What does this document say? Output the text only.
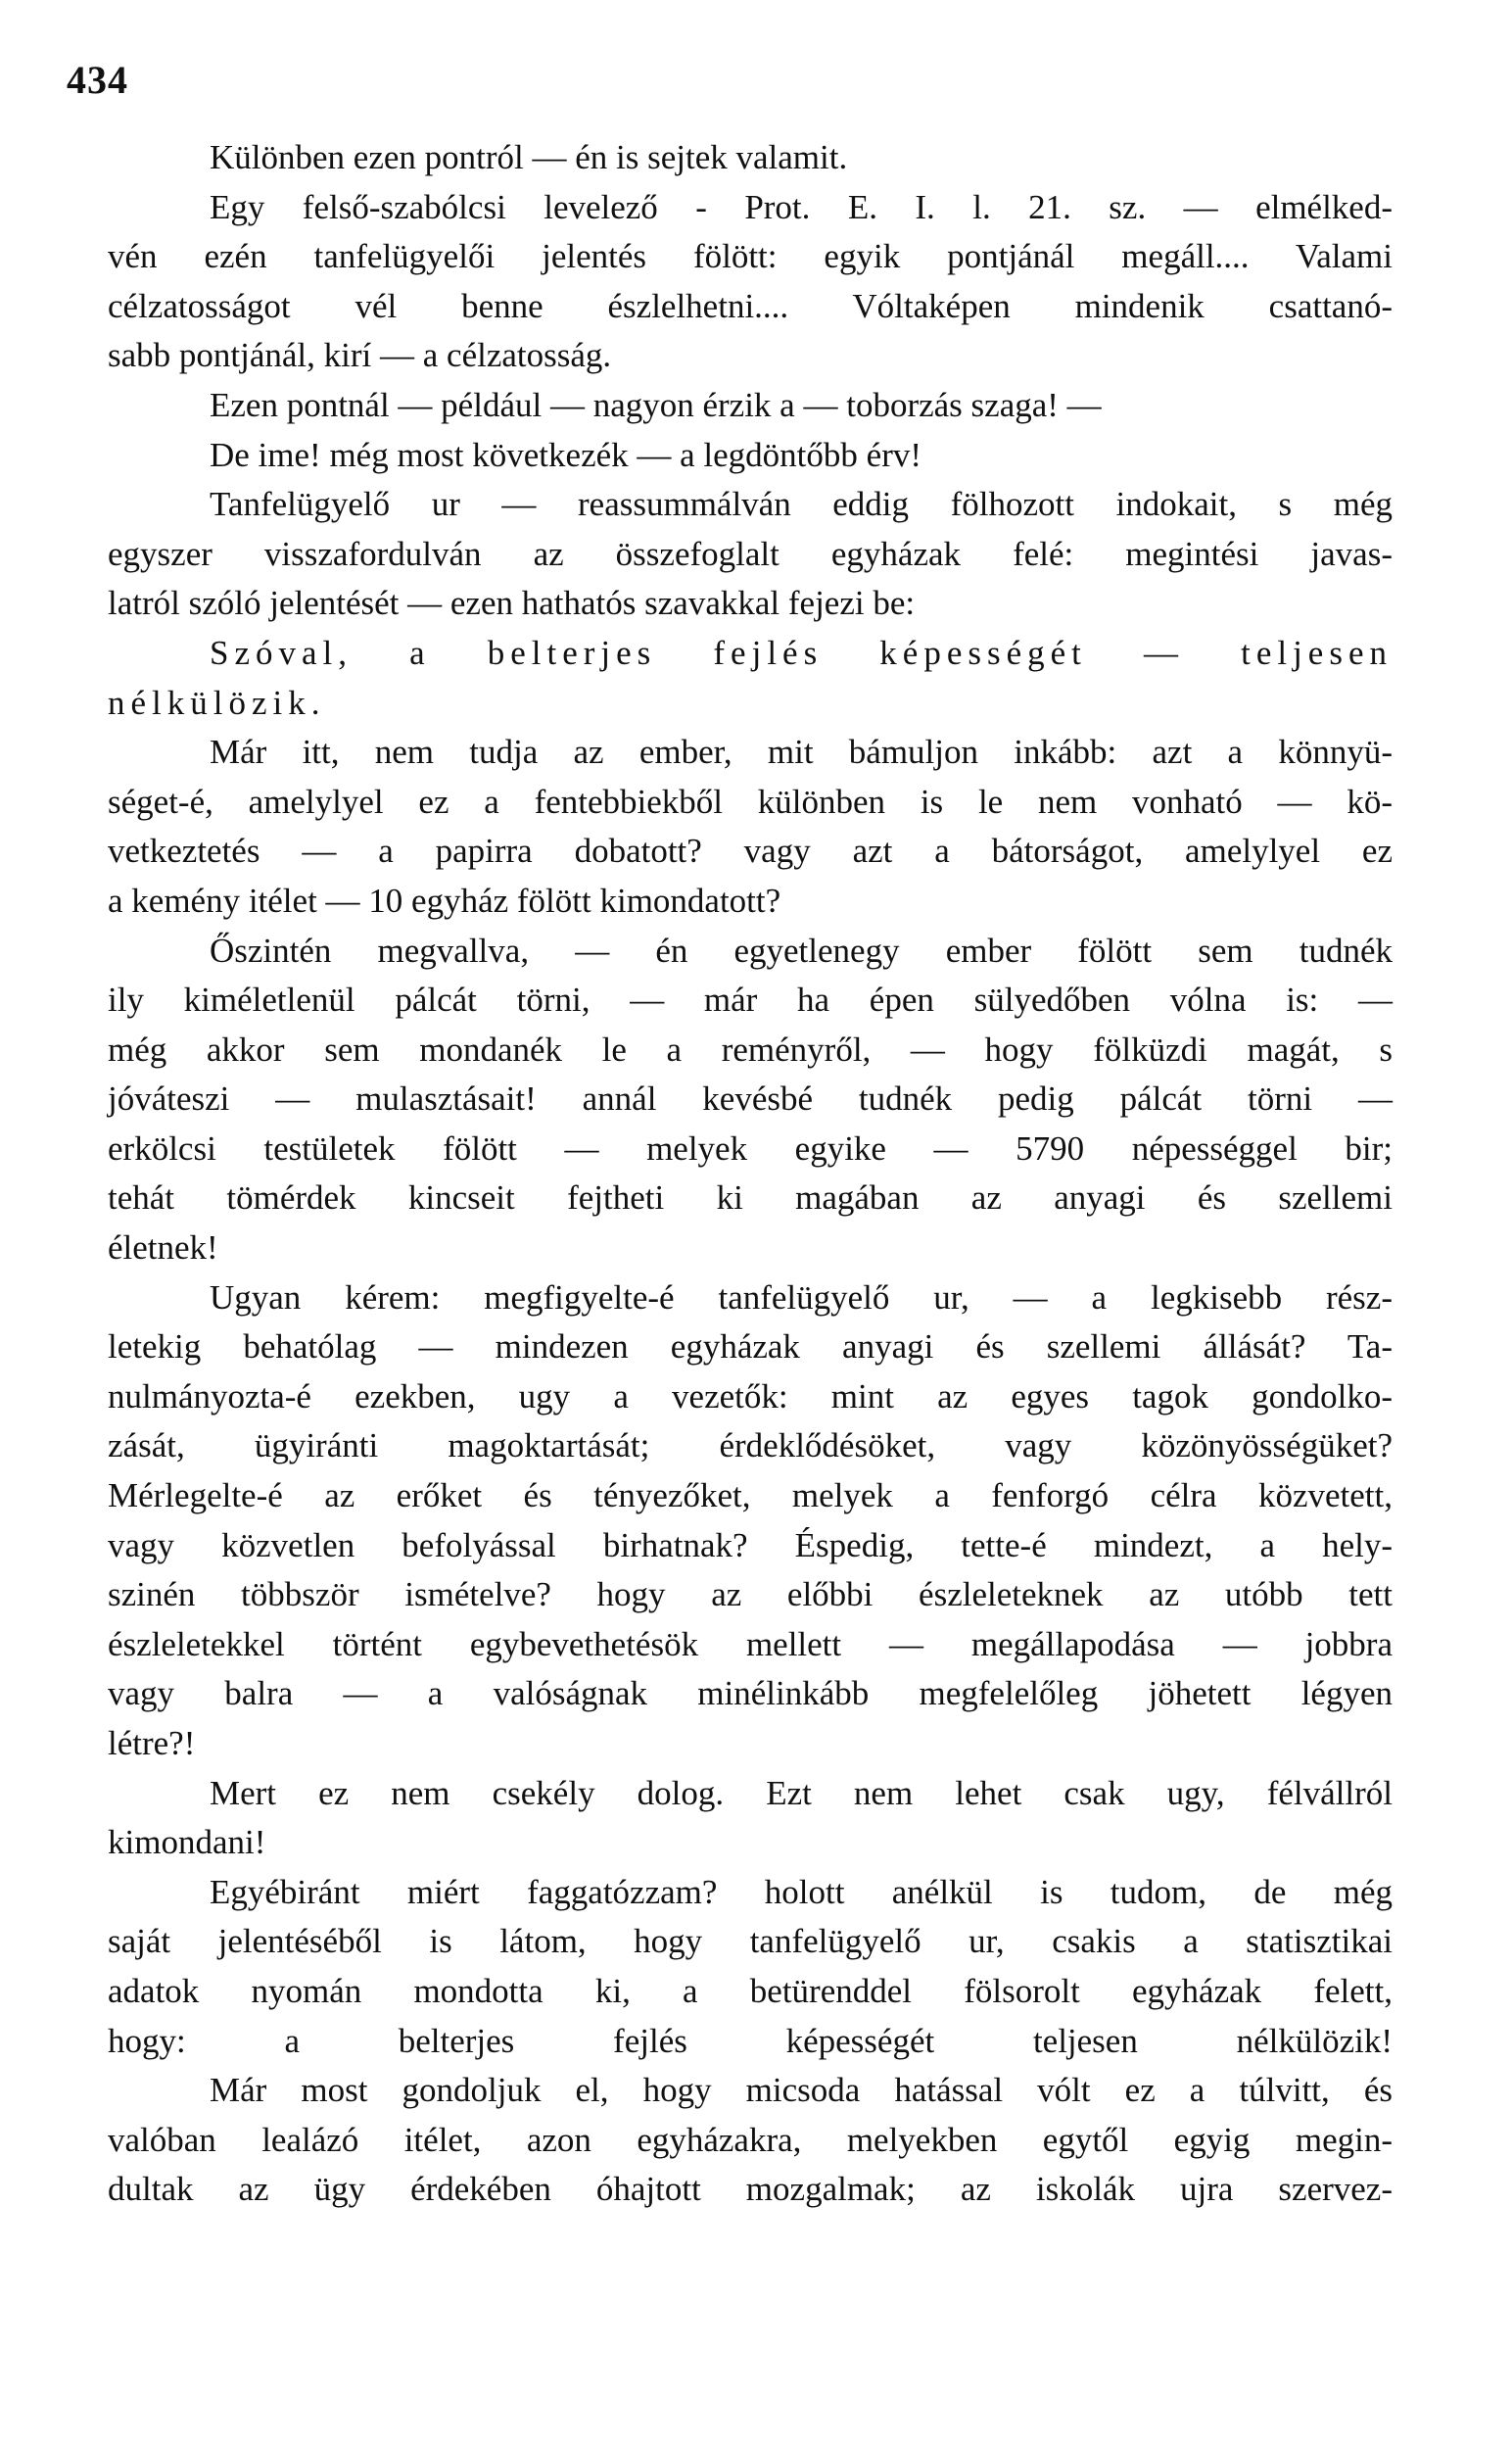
434
Különben ezen pontról — én is sejtek valamit.
Egy felső-szabólcsi levelező - Prot. E. I. l. 21. sz. — elmélked-
vén ezén tanfelügyelői jelentés fölött: egyik pontjánál megáll.... Valami
célzatosságot vél benne észlelhetni.... Vóltaképen mindenik csattanó-
sabb pontjánál, kirí — a célzatosság.
Ezen pontnál — például — nagyon érzik a — toborzás szaga! —
De ime! még most következék — a legdöntőbb érv!
Tanfelügyelő ur — reassummálván eddig fölhozott indokait, s még
egyszer visszafordulván az összefoglalt egyházak felé: megintési javas-
latról szóló jelentését — ezen hathatós szavakkal fejezi be:
Szóval, a belterjes fejlés képességét — teljesen
nélkülözik.
Már itt, nem tudja az ember, mit bámuljon inkább: azt a könnyü-
séget-é, amelylyel ez a fentebbiekből különben is le nem vonható — kö-
vetkeztetés — a papirra dobatott? vagy azt a bátorságot, amelylyel ez
a kemény itélet — 10 egyház fölött kimondatott?
Őszintén megvallva, — én egyetlenegy ember fölött sem tudnék
ily kiméletlenül pálcát törni, — már ha épen sülyedőben vólna is: —
még akkor sem mondanék le a reményről, — hogy fölküzdi magát, s
jóváteszi — mulasztásait! annál kevésbé tudnék pedig pálcát törni —
erkölcsi testületek fölött — melyek egyike — 5790 népességgel bir;
tehát tömérdek kincseit fejtheti ki magában az anyagi és szellemi
életnek!
Ugyan kérem: megfigyelte-é tanfelügyelő ur, — a legkisebb rész-
letekig behatólag — mindezen egyházak anyagi és szellemi állását? Ta-
nulmányozta-é ezekben, ugy a vezetők: mint az egyes tagok gondolko-
zását, ügyiránti magoktartását; érdeklődésöket, vagy közönyösségüket?
Mérlegelte-é az erőket és tényezőket, melyek a fenforgó célra közvetett,
vagy közvetlen befolyással birhatnak? Éspedig, tette-é mindezt, a hely-
szinén többször ismételve? hogy az előbbi észleleteknek az utóbb tett
észleletekkel történt egybevethetésök mellett — megállapodása — jobbra
vagy balra — a valóságnak minélinkább megfelelőleg jöhetett légyen
létre?!
Mert ez nem csekély dolog. Ezt nem lehet csak ugy, félvállról
kimondani!
Egyébiránt miért faggatózzam? holott anélkül is tudom, de még
saját jelentéséből is látom, hogy tanfelügyelő ur, csakis a statisztikai
adatok nyomán mondotta ki, a betürenddel fölsorolt egyházak felett,
hogy: a belterjes fejlés képességét teljesen nélkülözik!
Már most gondoljuk el, hogy micsoda hatással vólt ez a túlvitt, és
valóban lealázó itélet, azon egyházakra, melyekben egytől egyig megin-
dultak az ügy érdekében óhajtott mozgalmak; az iskolák ujra szervez-
